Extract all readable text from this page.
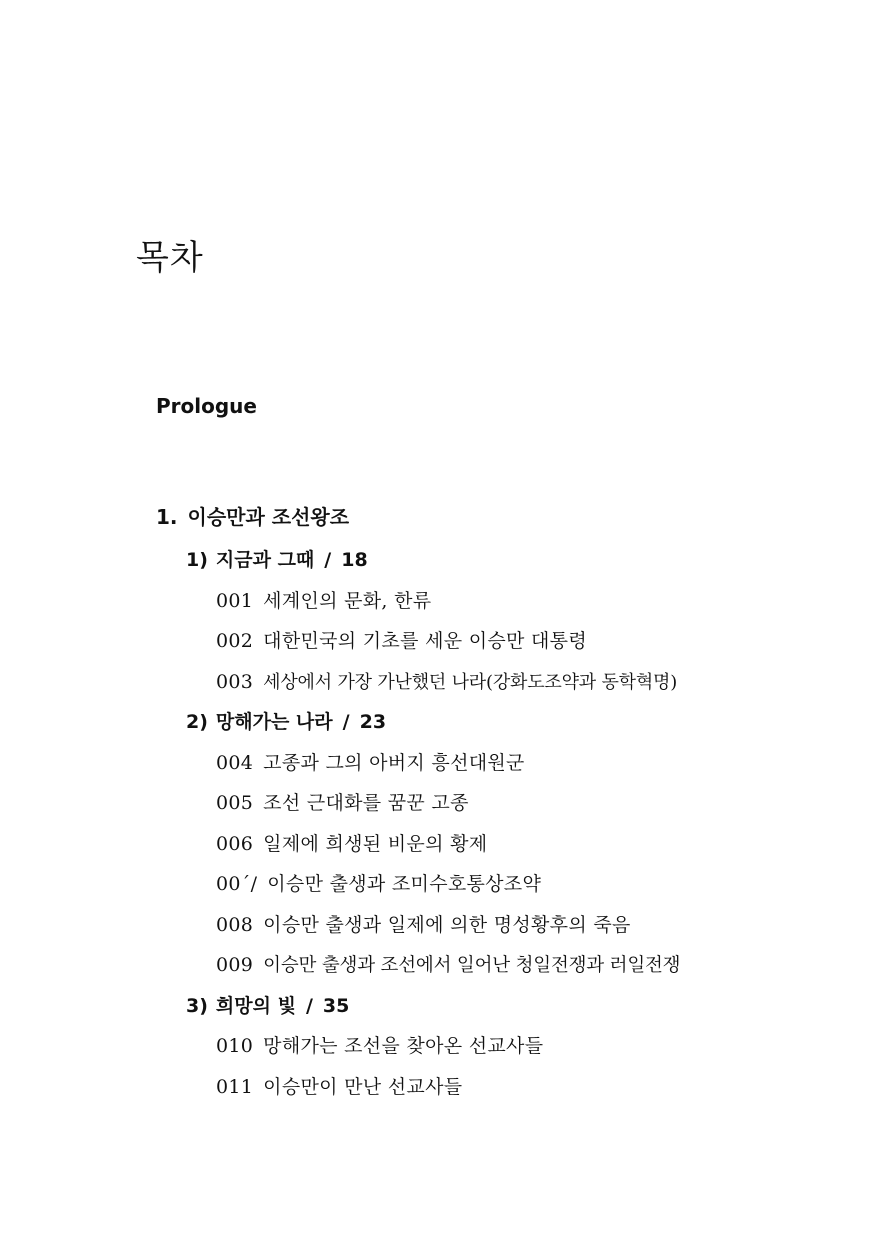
목차
Prologue
1. 이승만과 조선왕조
1) 지금과 그때 / 18
001 세계인의 문화, 한류
002 대한민국의 기초를 세운 이승만 대통령
003 세상에서 가장 가난했던 나라(강화도조약과 동학혁명)
2) 망해가는 나라 / 23
004 고종과 그의 아버지 흥선대원군
005 조선 근대화를 꿈꾼 고종
006 일제에 희생된 비운의 황제
00´/ 이승만 출생과 조미수호통상조약
008 이승만 출생과 일제에 의한 명성황후의 죽음
009 이승만 출생과 조선에서 일어난 청일전쟁과 러일전쟁
3) 희망의 빛 / 35
010 망해가는 조선을 찾아온 선교사들
011 이승만이 만난 선교사들
